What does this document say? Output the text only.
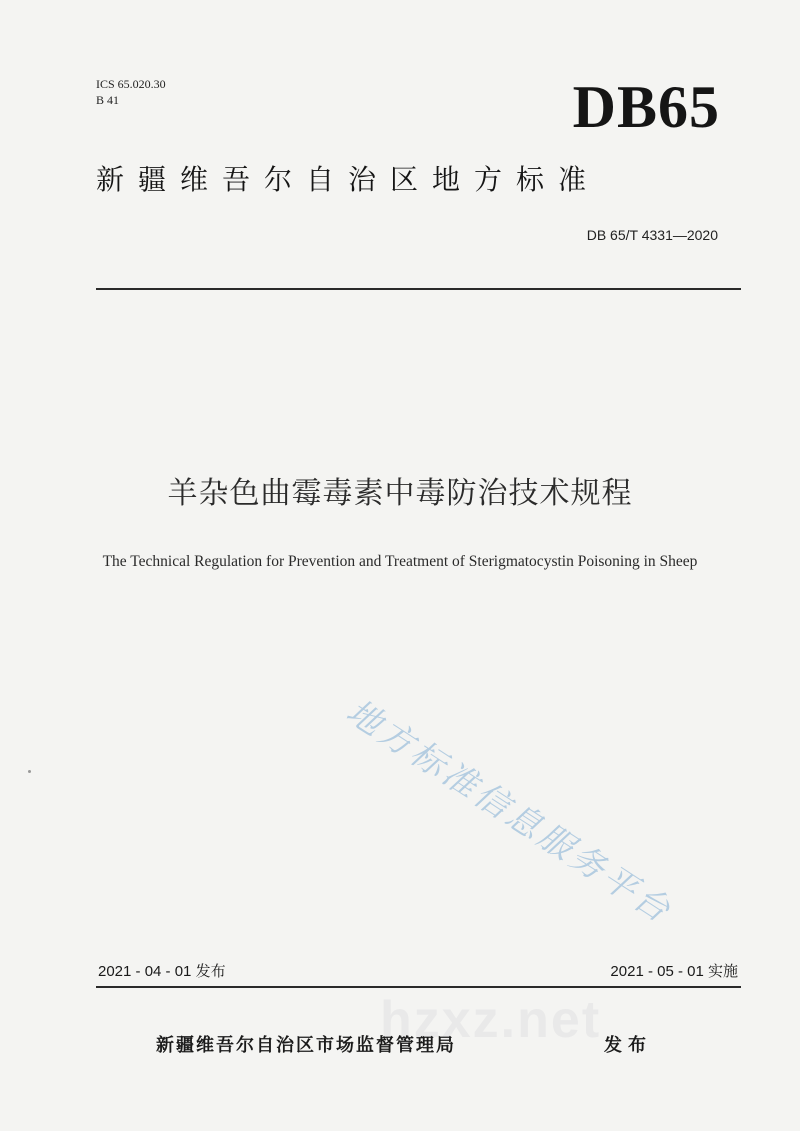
ICS 65.020.30
B 41	DB65
新疆维吾尔自治区地方标准
DB 65/T 4331—2020
羊杂色曲霉毒素中毒防治技术规程
The Technical Regulation for Prevention and Treatment of Sterigmatocystin Poisoning in Sheep
地方标准信息服务平台
hzxz.net
2021 - 04 - 01 发布	2021 - 05 - 01 实施
新疆维吾尔自治区市场监督管理局	发布
